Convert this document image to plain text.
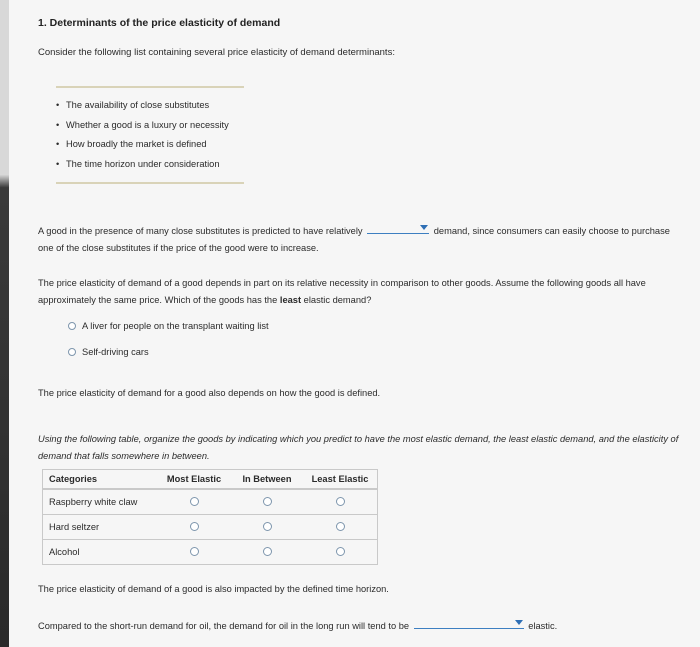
1. Determinants of the price elasticity of demand
Consider the following list containing several price elasticity of demand determinants:
• The availability of close substitutes
• Whether a good is a luxury or necessity
• How broadly the market is defined
• The time horizon under consideration
A good in the presence of many close substitutes is predicted to have relatively	demand, since consumers can easily choose to purchase one of the close substitutes if the price of the good were to increase.
The price elasticity of demand of a good depends in part on its relative necessity in comparison to other goods. Assume the following goods all have approximately the same price. Which of the goods has the least elastic demand?
A liver for people on the transplant waiting list
Self-driving cars
The price elasticity of demand for a good also depends on how the good is defined.
Using the following table, organize the goods by indicating which you predict to have the most elastic demand, the least elastic demand, and the elasticity of demand that falls somewhere in between.
Categories	Most Elastic	In Between	Least Elastic
Raspberry white claw			
Hard seltzer			
Alcohol			
The price elasticity of demand of a good is also impacted by the defined time horizon.
Compared to the short-run demand for oil, the demand for oil in the long run will tend to be	elastic.
